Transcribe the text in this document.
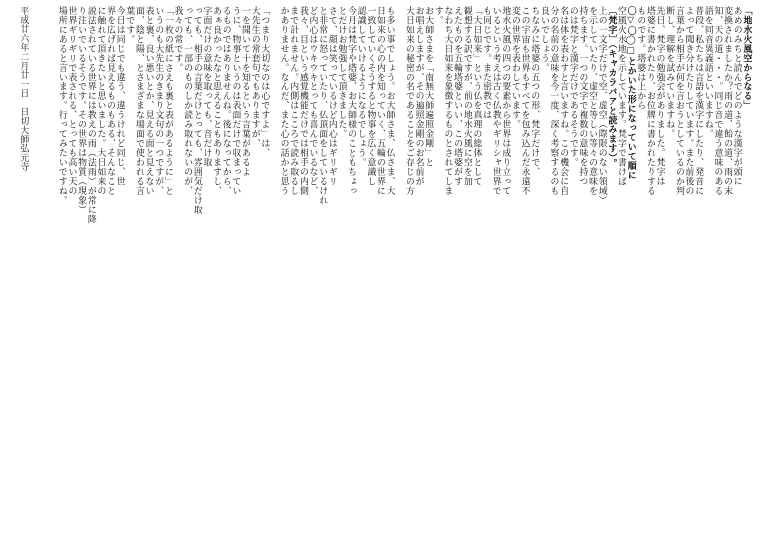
「地水火風空からなる」
あめのみちと読んでどのような漢字が頭に
変換されましたか？雨の道、飴の道、雨の末
知、天の道・・・。同じ音で違う意味のある
語を同音異義語といいますね。
普段、私たちは言語を漢字にしたり、発音に
よって聞き分けたりしています。また前後の
言葉から相手が何を言おうとしているのか判
断し、理解を試みていますね。
先日、梵字の勉強会がありました。梵字は
塔婆に書かれたり、お位牌に書かれたりする
ものです。塔婆は上から
〇▽〇◯□とかいた形になっていて順に
空風火水地を示しています。梵字で書けば
〔梵字〕（キャカラバアと読みます）。
上の一文字だけで空、虚空（際限のない領域）
を示していたり、虚空と等しい等々の意味を
持ちます。一つの文字で複数の意味を持つ
のは梵字と漢字だけであるそうです。
名は体を表わすと言いますね。この機会に自
分の名前の意味を今一度、深く考察するのも
良いでしょう。
ちなみに塔婆の五つの形、梵字だけで、
この宇宙も世界もすべてを包み込んだ永遠不
変の世界を表わしています。
地水火風の四つの要素から世界は成り立って
いるという考えは古く仏教やギリシャ世界で
も同じです。また密教では
「大日如来」という仏を真理の総体として
観想する訳ですが、前の地水火風に空を加
えたものを五輪塔婆といい、この塔婆がす
なわち大日如来を象徴するものとされてしま
す。
お大師さまを「南無大師遍照金剛」と
お唱えしますが、その遍照金剛のお名前が
大日如来の秘密の名であることをご存じの方
も多い事でしょう。お大師さま、仏さま、大
日如来の心の内を知っていく、五輪の世界に
一致していくそうすると物事を広く意識し
認識していけるようになるでしょう。
今月は梵字や塔婆、お大師様のこともちょっ
とだけお勉強して頂きました。
さて、顔は笑っているけど内心はギリギリ
と非常に怒っていたり、仏頂面をしているけれ
ど内心はウキウキとっても喜んでいるなど、
我々、目という感覚機能だけでは相手の内側
まで計れません。内側はこころで読み取るし
かありません。なんだ、また心の話かと思う
「つまり大切なのは心ですよ」は、
大先生の常套句でもありますが、
一を聞いて十を知るという言葉があるよ
うに、物事というのは表面だけで収まってい
るものではありませんね。後になってから、
あぁ良かったなと思えることもありますし、
字面だけの意味を取っても、音だけ取
っても、相手の言葉だけとっても、雰囲気だけ取
っても、一部のものしか読み取れないのが、
我々の常です。
「一枚の紙にさえも裏と表があるように」と
いうのも大先生のきまり文句の一つですが、
表と裏、良い悪いとか、見える面と見えない
面、陰と陽、とさまざまな場面で使われる言
葉です。
今日は同じでも違う、違うけれど同じ、世
界を広げれば見えるものもある、そんなこと
に触れて頂きたいと思いました。大日如来の
説法されている世界には教えの雨（法雨）が常に降
り注いでいるそうです。その世界は物質（現象）
世界ギリギリで表される、とっても高い天の
場所にあると言います。行ってみたいですね。
平成廿六年二月廿一日　日切大師弘元寺
